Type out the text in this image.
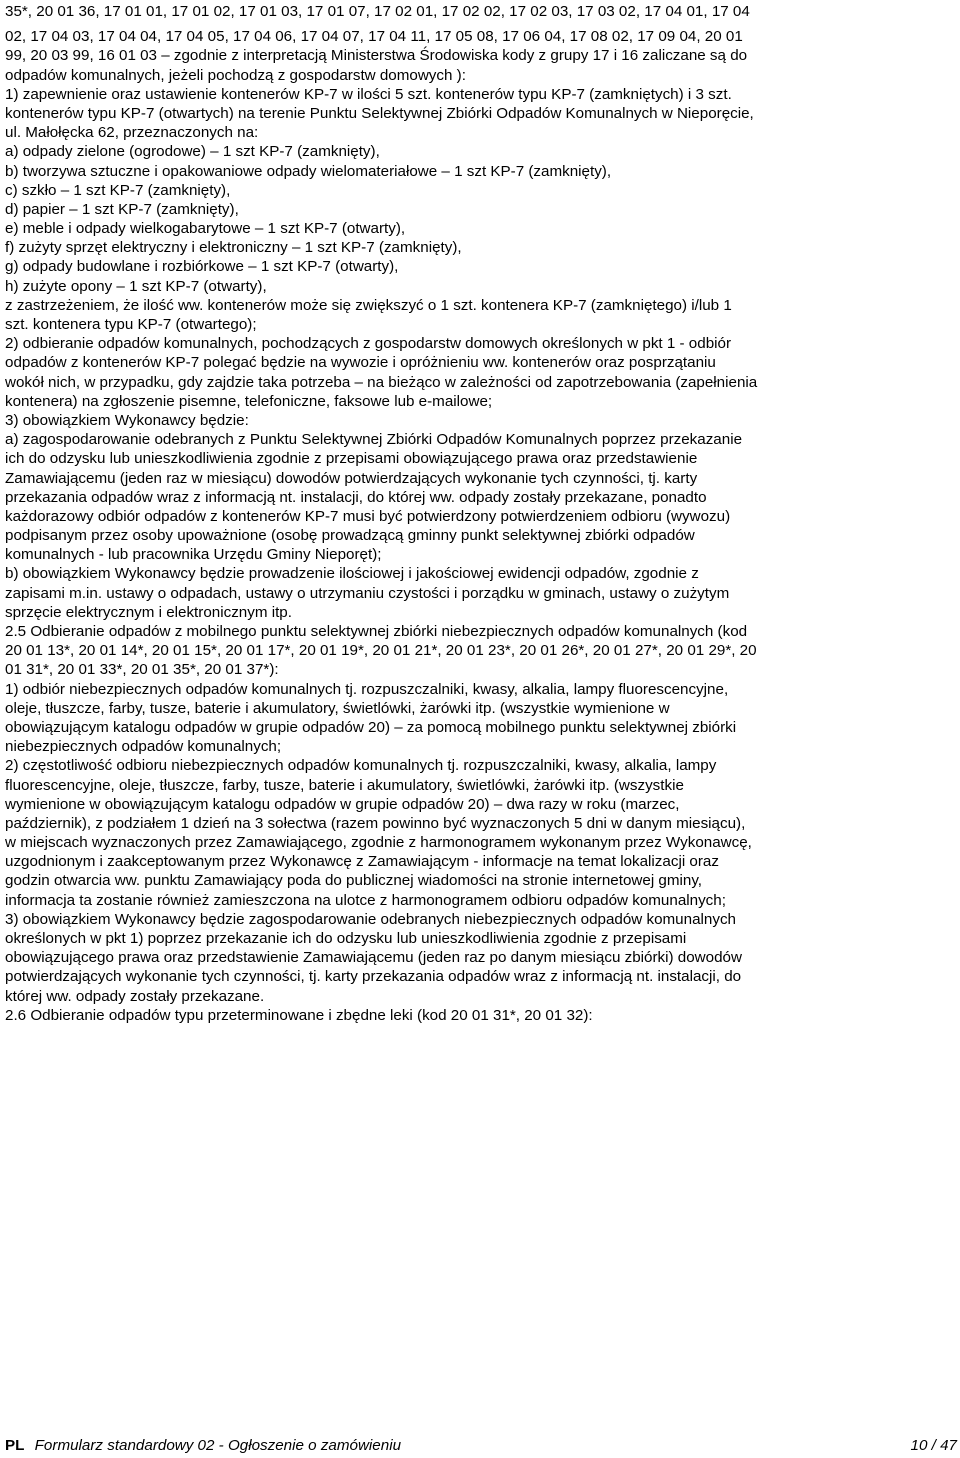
35*, 20 01 36, 17 01 01, 17 01 02, 17 01 03, 17 01 07, 17 02 01, 17 02 02, 17 02 03, 17 03 02, 17 04 01, 17 04
02, 17 04 03, 17 04 04, 17 04 05, 17 04 06, 17 04 07, 17 04 11, 17 05 08, 17 06 04, 17 08 02, 17 09 04, 20 01
99, 20 03 99, 16 01 03 – zgodnie z interpretacją Ministerstwa Środowiska kody z grupy 17 i 16 zaliczane są do
odpadów komunalnych, jeżeli pochodzą z gospodarstw domowych ):
1) zapewnienie oraz ustawienie kontenerów KP-7 w ilości 5 szt. kontenerów typu KP-7 (zamkniętych) i 3 szt.
kontenerów typu KP-7 (otwartych) na terenie Punktu Selektywnej Zbiórki Odpadów Komunalnych w Nieporęcie,
ul. Małołęcka 62, przeznaczonych na:
a) odpady zielone (ogrodowe) – 1 szt KP-7 (zamknięty),
b) tworzywa sztuczne i opakowaniowe odpady wielomateriałowe – 1 szt KP-7 (zamknięty),
c) szkło – 1 szt KP-7 (zamknięty),
d) papier – 1 szt KP-7 (zamknięty),
e) meble i odpady wielkogabarytowe – 1 szt KP-7 (otwarty),
f) zużyty sprzęt elektryczny i elektroniczny – 1 szt KP-7 (zamknięty),
g) odpady budowlane i rozbiórkowe – 1 szt KP-7 (otwarty),
h) zużyte opony – 1 szt KP-7 (otwarty),
z zastrzeżeniem, że ilość ww. kontenerów może się zwiększyć o 1 szt. kontenera KP-7 (zamkniętego) i/lub 1
szt. kontenera typu KP-7 (otwartego);
2) odbieranie odpadów komunalnych, pochodzących z gospodarstw domowych określonych w pkt 1 - odbiór
odpadów z kontenerów KP-7 polegać będzie na wywozie i opróżnieniu ww. kontenerów oraz posprzątaniu
wokół nich, w przypadku, gdy zajdzie taka potrzeba – na bieżąco w zależności od zapotrzebowania (zapełnienia
kontenera) na zgłoszenie pisemne, telefoniczne, faksowe lub e-mailowe;
3) obowiązkiem Wykonawcy będzie:
a) zagospodarowanie odebranych z Punktu Selektywnej Zbiórki Odpadów Komunalnych poprzez przekazanie
ich do odzysku lub unieszkodliwienia zgodnie z przepisami obowiązującego prawa oraz przedstawienie
Zamawiającemu (jeden raz w miesiącu) dowodów potwierdzających wykonanie tych czynności, tj. karty
przekazania odpadów wraz z informacją nt. instalacji, do której ww. odpady zostały przekazane, ponadto
każdorazowy odbiór odpadów z kontenerów KP-7 musi być potwierdzony potwierdzeniem odbioru (wywozu)
podpisanym przez osoby upoważnione (osobę prowadzącą gminny punkt selektywnej zbiórki odpadów
komunalnych - lub pracownika Urzędu Gminy Nieporęt);
b) obowiązkiem Wykonawcy będzie prowadzenie ilościowej i jakościowej ewidencji odpadów, zgodnie z
zapisami m.in. ustawy o odpadach, ustawy o utrzymaniu czystości i porządku w gminach, ustawy o zużytym
sprzęcie elektrycznym i elektronicznym itp.
2.5 Odbieranie odpadów z mobilnego punktu selektywnej zbiórki niebezpiecznych odpadów komunalnych (kod
20 01 13*, 20 01 14*, 20 01 15*, 20 01 17*, 20 01 19*, 20 01 21*, 20 01 23*, 20 01 26*, 20 01 27*, 20 01 29*, 20
01 31*, 20 01 33*, 20 01 35*, 20 01 37*):
1) odbiór niebezpiecznych odpadów komunalnych tj. rozpuszczalniki, kwasy, alkalia, lampy fluorescencyjne,
oleje, tłuszcze, farby, tusze, baterie i akumulatory, świetlówki, żarówki itp. (wszystkie wymienione w
obowiązującym katalogu odpadów w grupie odpadów 20) – za pomocą mobilnego punktu selektywnej zbiórki
niebezpiecznych odpadów komunalnych;
2) częstotliwość odbioru niebezpiecznych odpadów komunalnych tj. rozpuszczalniki, kwasy, alkalia, lampy
fluorescencyjne, oleje, tłuszcze, farby, tusze, baterie i akumulatory, świetlówki, żarówki itp. (wszystkie
wymienione w obowiązującym katalogu odpadów w grupie odpadów 20) – dwa razy w roku (marzec,
październik), z podziałem 1 dzień na 3 sołectwa (razem powinno być wyznaczonych 5 dni w danym miesiącu),
w miejscach wyznaczonych przez Zamawiającego, zgodnie z harmonogramem wykonanym przez Wykonawcę,
uzgodnionym i zaakceptowanym przez Wykonawcę z Zamawiającym - informacje na temat lokalizacji oraz
godzin otwarcia ww. punktu Zamawiający poda do publicznej wiadomości na stronie internetowej gminy,
informacja ta zostanie również zamieszczona na ulotce z harmonogramem odbioru odpadów komunalnych;
3) obowiązkiem Wykonawcy będzie zagospodarowanie odebranych niebezpiecznych odpadów komunalnych
określonych w pkt 1) poprzez przekazanie ich do odzysku lub unieszkodliwienia zgodnie z przepisami
obowiązującego prawa oraz przedstawienie Zamawiającemu (jeden raz po danym miesiącu zbiórki) dowodów
potwierdzających wykonanie tych czynności, tj. karty przekazania odpadów wraz z informacją nt. instalacji, do
której ww. odpady zostały przekazane.
2.6 Odbieranie odpadów typu przeterminowane i zbędne leki (kod 20 01 31*, 20 01 32):
PL Formularz standardowy 02 - Ogłoszenie o zamówieniu	10 / 47
